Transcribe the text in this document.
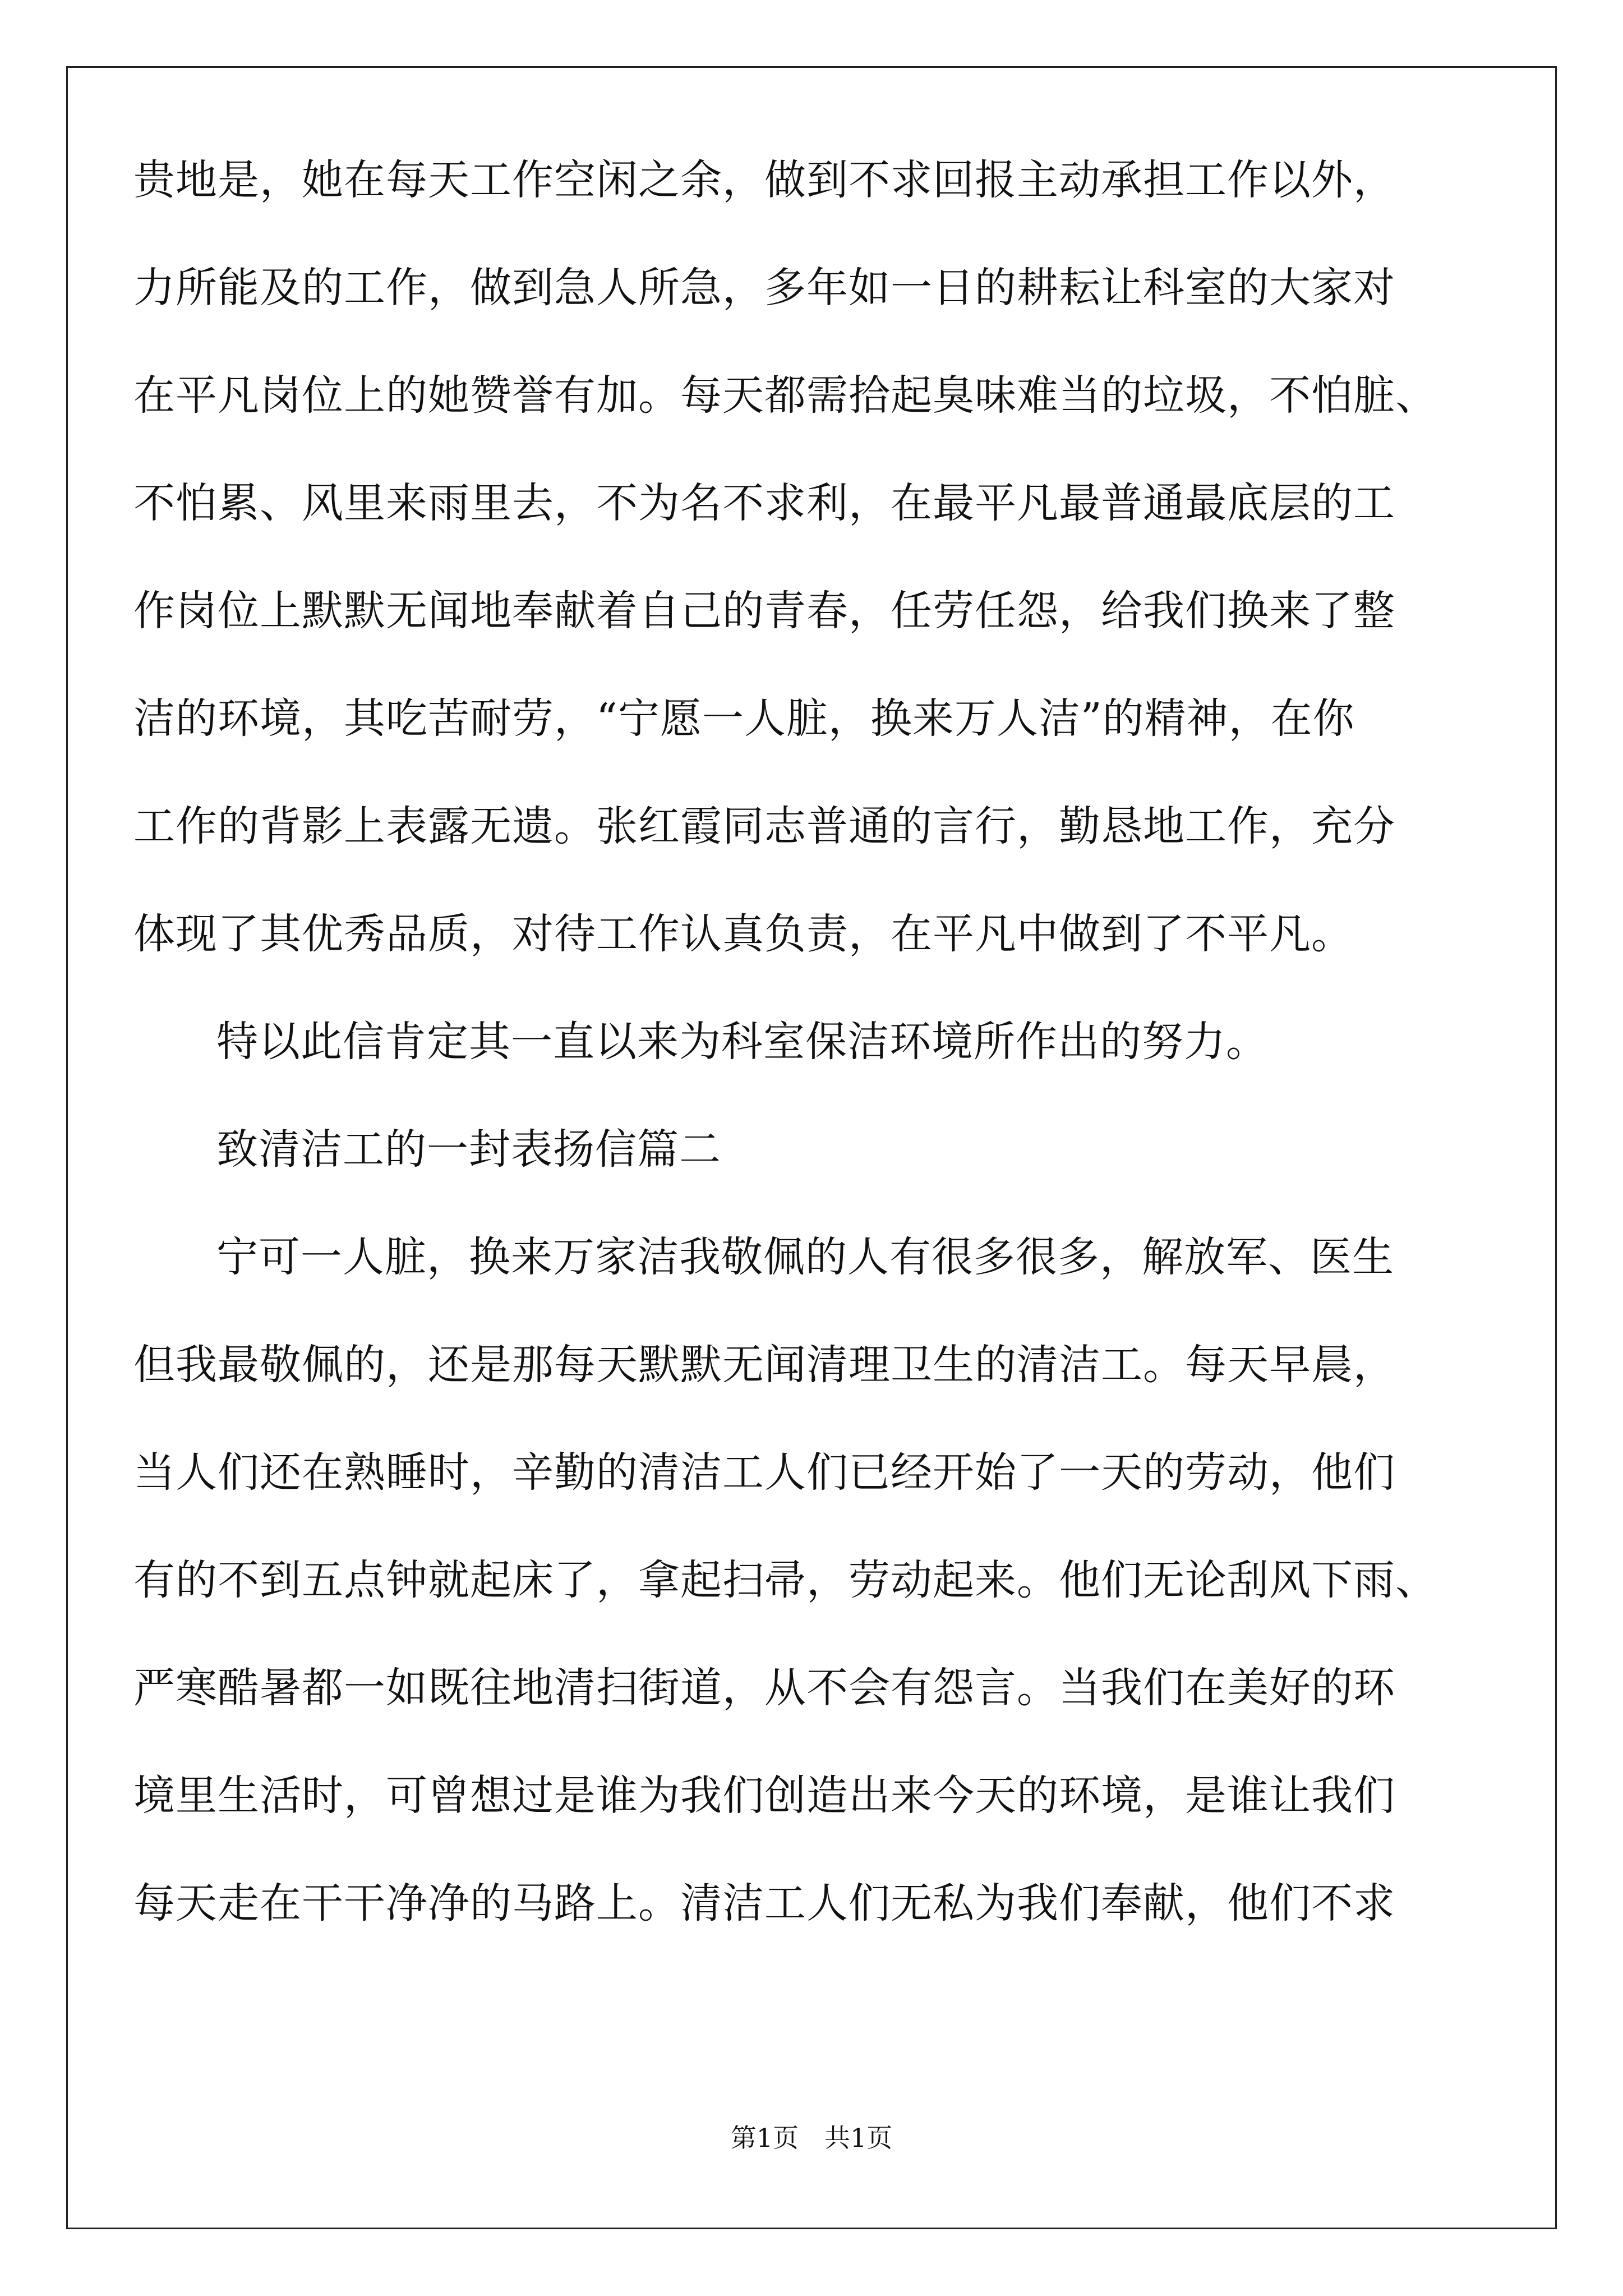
贵地是，她在每天工作空闲之余，做到不求回报主动承担工作以外，
力所能及的工作，做到急人所急，多年如一日的耕耘让科室的大家对
在平凡岗位上的她赞誉有加。每天都需拾起臭味难当的垃圾，不怕脏、
不怕累、风里来雨里去，不为名不求利，在最平凡最普通最底层的工
作岗位上默默无闻地奉献着自己的青春，任劳任怨，给我们换来了整
洁的环境，其吃苦耐劳，“宁愿一人脏，换来万人洁”的精神，在你
工作的背影上表露无遗。张红霞同志普通的言行，勤恳地工作，充分
体现了其优秀品质，对待工作认真负责，在平凡中做到了不平凡。
特以此信肯定其一直以来为科室保洁环境所作出的努力。
致清洁工的一封表扬信篇二
宁可一人脏，换来万家洁我敬佩的人有很多很多，解放军、医生
但我最敬佩的，还是那每天默默无闻清理卫生的清洁工。每天早晨，
当人们还在熟睡时，辛勤的清洁工人们已经开始了一天的劳动，他们
有的不到五点钟就起床了，拿起扫帚，劳动起来。他们无论刮风下雨、
严寒酷暑都一如既往地清扫街道，从不会有怨言。当我们在美好的环
境里生活时，可曾想过是谁为我们创造出来今天的环境，是谁让我们
每天走在干干净净的马路上。清洁工人们无私为我们奉献，他们不求
第1页　共1页
